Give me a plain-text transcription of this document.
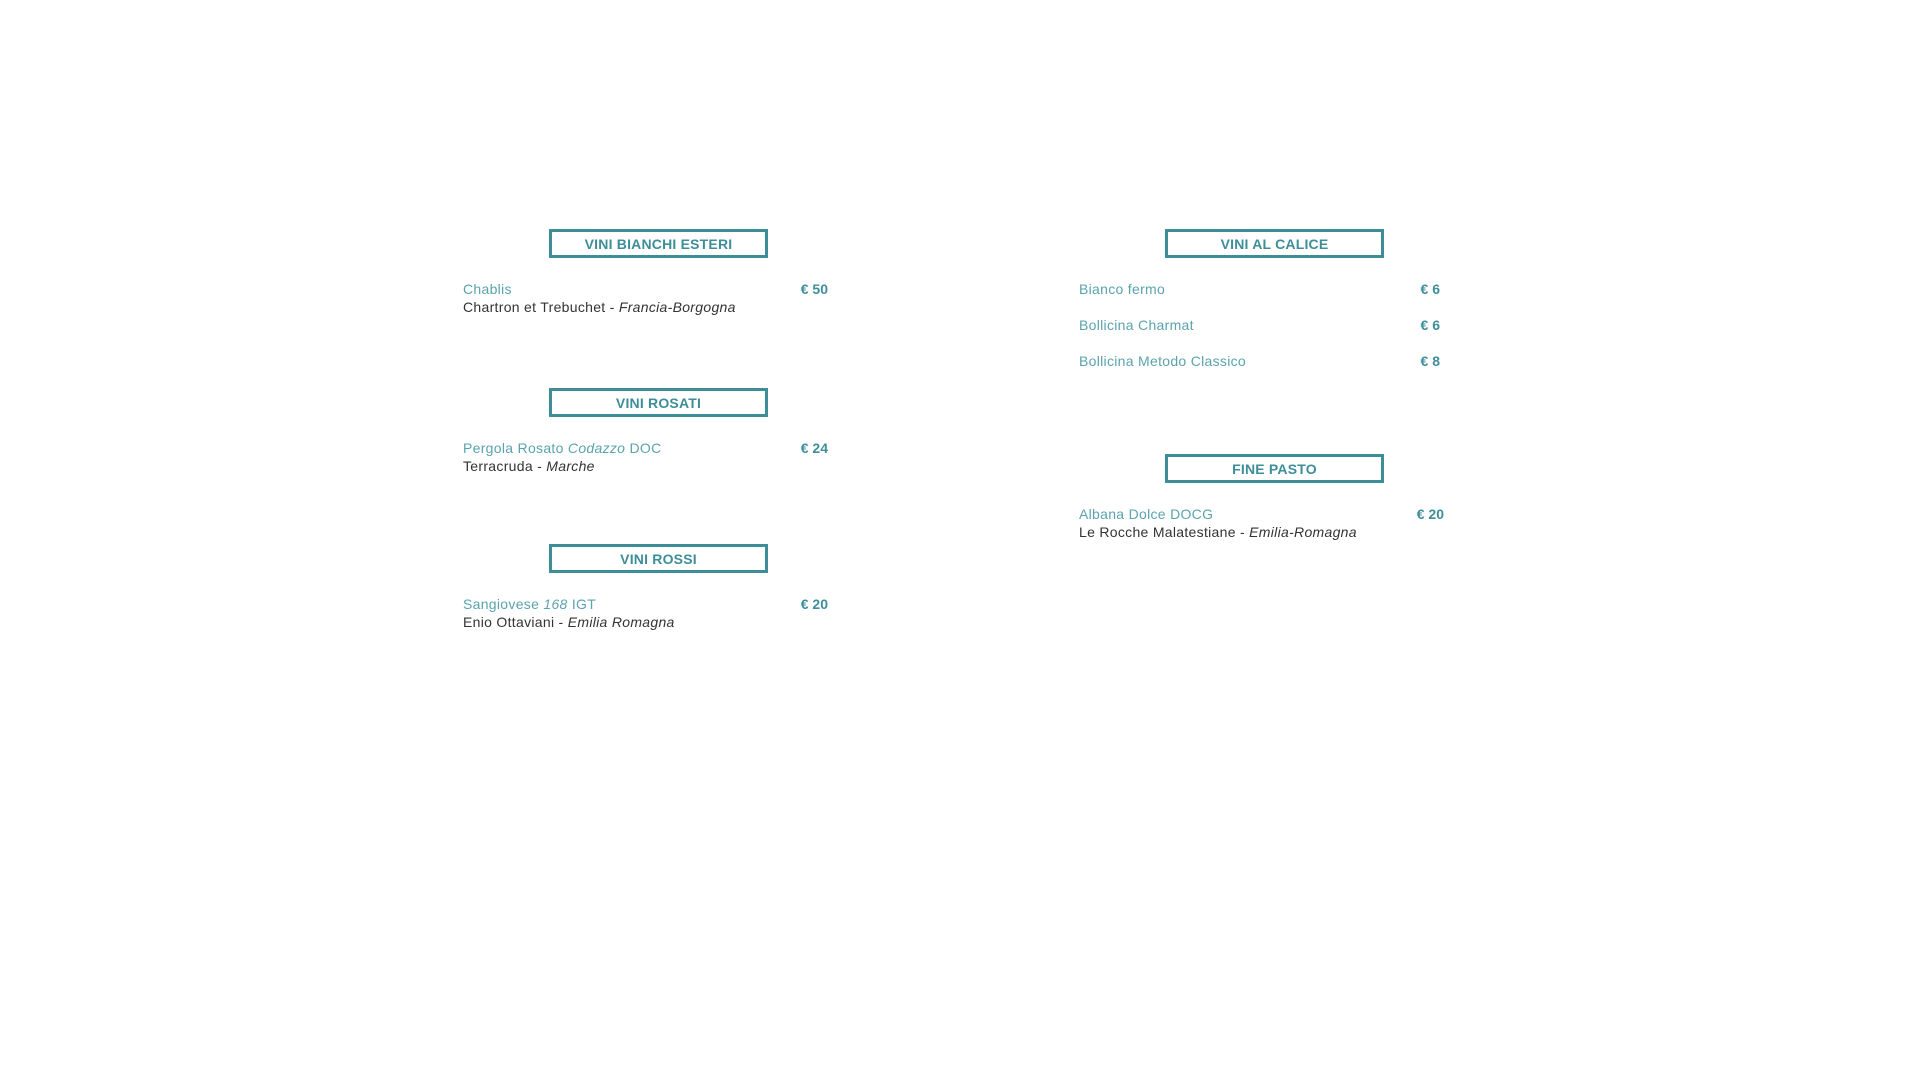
VINI BIANCHI ESTERI
Chablis	€ 50
Chartron et Trebuchet - Francia-Borgogna
VINI ROSATI
Pergola Rosato Codazzo DOC	€ 24
Terracruda - Marche
VINI ROSSI
Sangiovese 168 IGT	€ 20
Enio Ottaviani - Emilia Romagna
VINI AL CALICE
Bianco fermo	€ 6
Bollicina Charmat	€ 6
Bollicina Metodo Classico	€ 8
FINE PASTO
Albana Dolce DOCG	€ 20
Le Rocche Malatestiane - Emilia-Romagna
